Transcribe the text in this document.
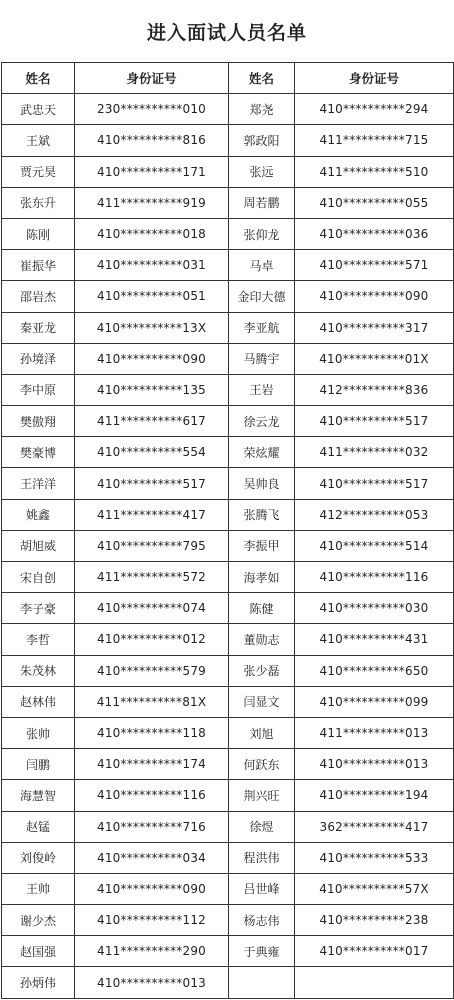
进入面试人员名单
姓名	身份证号	姓名	身份证号
武忠天	230**********010	郑尧	410**********294
王斌	410**********816	郭政阳	411**********715
贾元昊	410**********171	张远	411**********510
张东升	411**********919	周若鹏	410**********055
陈刚	410**********018	张仰龙	410**********036
崔振华	410**********031	马卓	410**********571
邵岩杰	410**********051	金印大德	410**********090
秦亚龙	410**********13X	李亚航	410**********317
孙境泽	410**********090	马腾宇	410**********01X
李中原	410**********135	王岩	412**********836
樊傲翔	411**********617	徐云龙	410**********517
樊豪博	410**********554	荣炫耀	411**********032
王洋洋	410**********517	吴帅良	410**********517
姚鑫	411**********417	张腾飞	412**********053
胡旭威	410**********795	李振甲	410**********514
宋自创	411**********572	海孝如	410**********116
李子豪	410**********074	陈健	410**********030
李哲	410**********012	董勋志	410**********431
朱茂林	410**********579	张少磊	410**********650
赵林伟	411**********81X	闫显文	410**********099
张帅	410**********118	刘旭	411**********013
闫鹏	410**********174	何跃东	410**********013
海慧智	410**********116	荆兴旺	410**********194
赵锰	410**********716	徐煜	362**********417
刘俊岭	410**********034	程洪伟	410**********533
王帅	410**********090	吕世峰	410**********57X
谢少杰	410**********112	杨志伟	410**********238
赵国强	411**********290	于典雍	410**********017
孙炳伟	410**********013		
